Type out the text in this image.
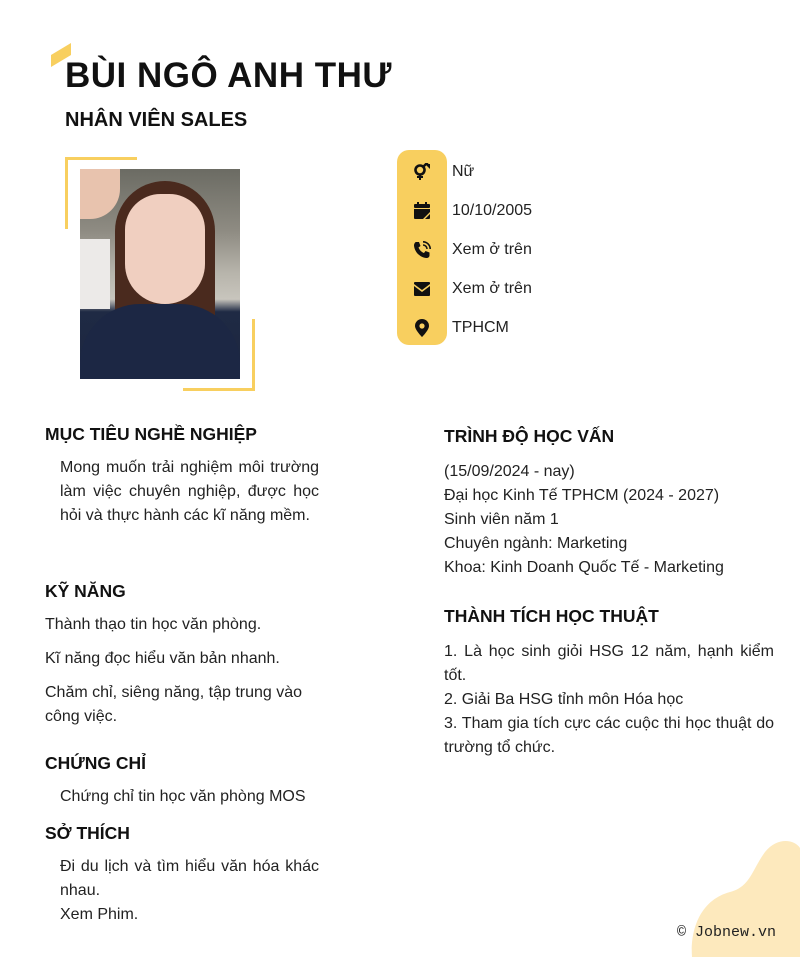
BÙI NGÔ ANH THƯ
NHÂN VIÊN SALES
Nữ
10/10/2005
Xem ở trên
Xem ở trên
TPHCM
MỤC TIÊU NGHỀ NGHIỆP

Mong muốn trải nghiệm môi trường làm việc chuyên nghiệp, được học hỏi và thực hành các kĩ năng mềm.

KỸ NĂNG

Thành thạo tin học văn phòng.

Kĩ năng đọc hiểu văn bản nhanh.

Chăm chỉ, siêng năng, tập trung vào công việc.

CHỨNG CHỈ

Chứng chỉ tin học văn phòng MOS

SỞ THÍCH

Đi du lịch và tìm hiểu văn hóa khác nhau.

Xem Phim.

TRÌNH ĐỘ HỌC VẤN

(15/09/2024 - nay)

Đại học Kinh Tế TPHCM (2024 - 2027)

Sinh viên năm 1

Chuyên ngành: Marketing

Khoa: Kinh Doanh Quốc Tế - Marketing

THÀNH TÍCH HỌC THUẬT

1. Là học sinh giỏi HSG 12 năm, hạnh kiểm tốt.

2. Giải Ba HSG tỉnh môn Hóa học

3. Tham gia tích cực các cuộc thi học thuật do trường tổ chức.

© Jobnew.vn
